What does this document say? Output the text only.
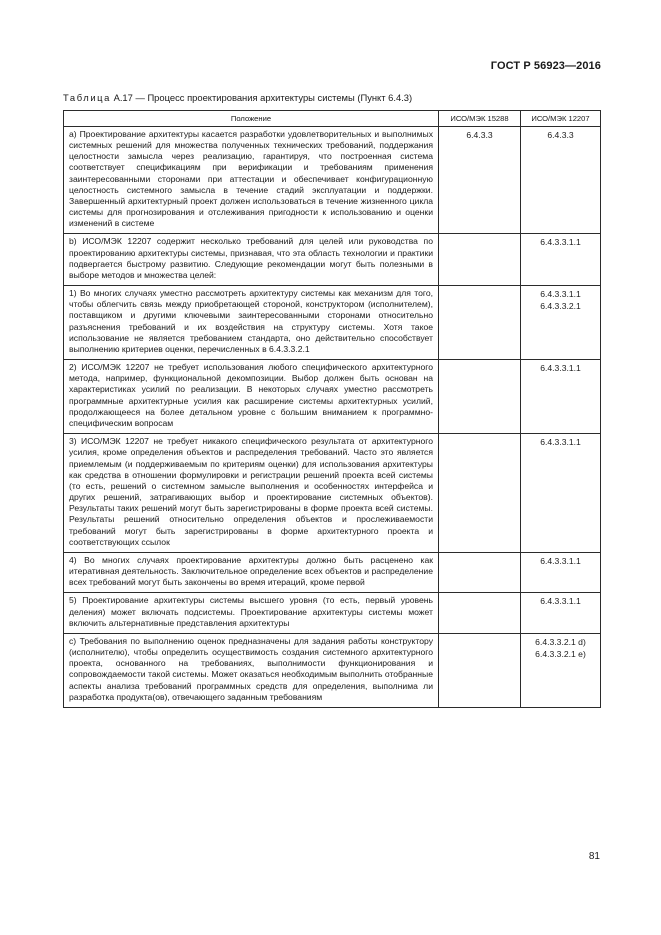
ГОСТ Р 56923—2016
Таблица А.17 — Процесс проектирования архитектуры системы (Пункт 6.4.3)
Положение	ИСО/МЭК 15288	ИСО/МЭК 12207
а) Проектирование архитектуры касается разработки удовлетворительных и выполнимых системных решений для множества полученных технических требований, поддержания целостности замысла через реализацию, гарантируя, что построенная система соответствует спецификациям при верификации и требованиям применения заинтересованными сторонами при аттестации и обеспечивает конфигурационную целостность системного замысла в течение стадий эксплуатации и поддержки. Завершенный архитектурный проект должен использоваться в течение жизненного цикла системы для прогнозирования и отслеживания пригодности к использованию и оценки изменений в системе	6.4.3.3	6.4.3.3

b) ИСО/МЭК 12207 содержит несколько требований для целей или руководства по проектированию архитектуры системы, признавая, что эта область технологии и практики подвергается быстрому развитию. Следующие рекомендации могут быть полезными в выборе методов и множества целей:		6.4.3.3.1.1

1) Во многих случаях уместно рассмотреть архитектуру системы как механизм для того, чтобы облегчить связь между приобретающей стороной, конструктором (исполнителем), поставщиком и другими ключевыми заинтересованными сторонами относительно разъяснения требований и их воздействия на структуру системы. Хотя такое использование не является требованием стандарта, оно действительно способствует выполнению критериев оценки, перечисленных в 6.4.3.3.2.1		6.4.3.3.1.1
6.4.3.3.2.1

2) ИСО/МЭК 12207 не требует использования любого специфического архитектурного метода, например, функциональной декомпозиции. Выбор должен быть основан на характеристиках усилий по реализации. В некоторых случаях уместно рассмотреть программные архитектурные усилия как расширение системы архитектурных усилий, продолжающееся на более детальном уровне с большим вниманием к программно-специфическим вопросам		6.4.3.3.1.1

3) ИСО/МЭК 12207 не требует никакого специфического результата от архитектурного усилия, кроме определения объектов и распределения требований. Часто это является приемлемым (и поддерживаемым по критериям оценки) для использования архитектуры как средства в отношении формулировки и регистрации решений проекта всей системы (то есть, решений о системном замысле выполнения и особенностях интерфейса и других решений, затрагивающих выбор и проектирование системных объектов). Результаты таких решений могут быть зарегистрированы в форме проекта всей системы. Результаты решений относительно определения объектов и прослеживаемости требований могут быть зарегистрированы в форме архитектурного проекта и соответствующих ссылок		6.4.3.3.1.1

4) Во многих случаях проектирование архитектуры должно быть расценено как итеративная деятельность. Заключительное определение всех объектов и распределение всех требований могут быть закончены во время итераций, кроме первой		6.4.3.3.1.1

5) Проектирование архитектуры системы высшего уровня (то есть, первый уровень деления) может включать подсистемы. Проектирование архитектуры системы может включить альтернативные представления архитектуры		6.4.3.3.1.1

с) Требования по выполнению оценок предназначены для задания работы конструктору (исполнителю), чтобы определить осуществимость создания системного архитектурного проекта, основанного на требованиях, выполнимости функционирования и сопровождаемости такой системы. Может оказаться необходимым выполнить отобранные аспекты анализа требований программных средств для определения, выполнима ли разработка продукта(ов), отвечающего заданным требованиям		6.4.3.3.2.1 d)
6.4.3.3.2.1 е)
81
